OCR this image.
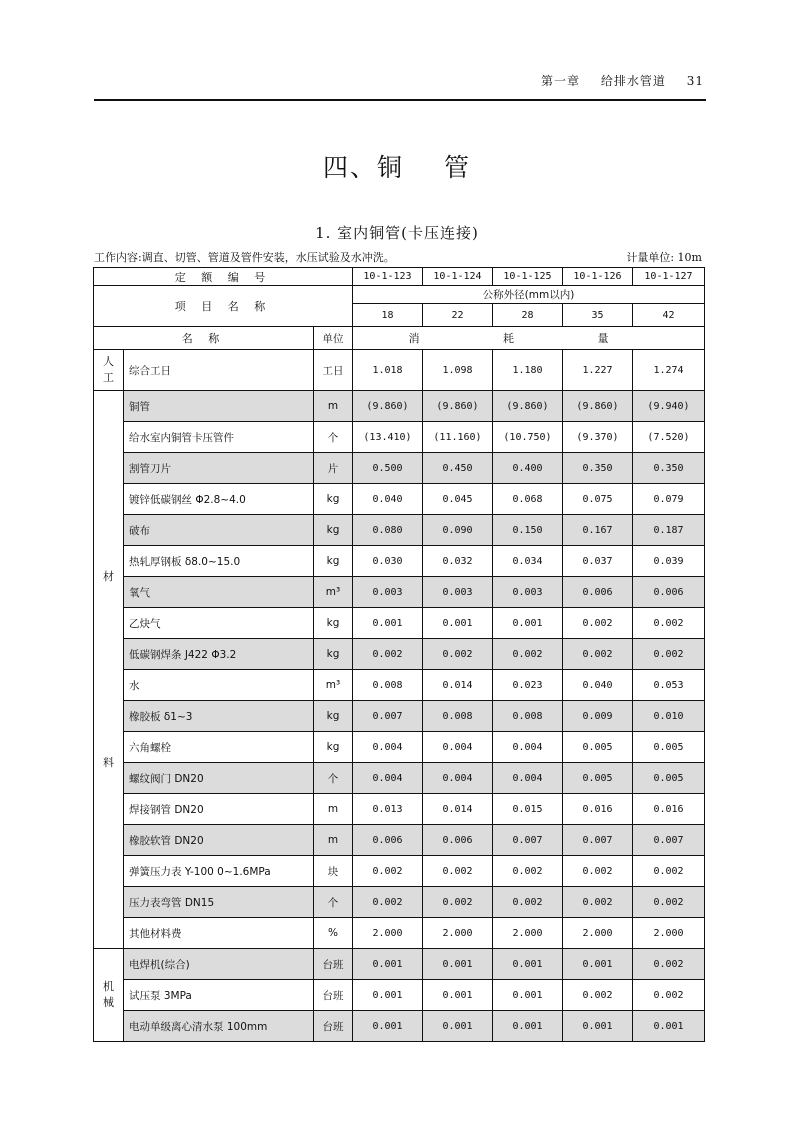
第一章 给排水管道 31
四、铜 管
1. 室内铜管(卡压连接)
工作内容:调直、切管、管道及管件安装，水压试验及水冲洗。	计量单位: 10m
定 额 编 号			10-1-123	10-1-124	10-1-125	10-1-126	10-1-127
项 目 名 称			公称外径(mm以内)				
			18	22	28	35	42
名 称		单位	消 耗 量				

人
工	综合工日	工日	1.018	1.098	1.180	1.227	1.274

材
料	铜管	m	(9.860)	(9.860)	(9.860)	(9.860)	(9.940)
	给水室内铜管卡压管件	个	(13.410)	(11.160)	(10.750)	(9.370)	(7.520)
	割管刀片	片	0.500	0.450	0.400	0.350	0.350
	镀锌低碳钢丝 Φ2.8~4.0	kg	0.040	0.045	0.068	0.075	0.079
	破布	kg	0.080	0.090	0.150	0.167	0.187
	热轧厚钢板 δ8.0~15.0	kg	0.030	0.032	0.034	0.037	0.039
	氧气	m³	0.003	0.003	0.003	0.006	0.006
	乙炔气	kg	0.001	0.001	0.001	0.002	0.002
	低碳钢焊条 J422 Φ3.2	kg	0.002	0.002	0.002	0.002	0.002
	水	m³	0.008	0.014	0.023	0.040	0.053
	橡胶板 δ1~3	kg	0.007	0.008	0.008	0.009	0.010
	六角螺栓	kg	0.004	0.004	0.004	0.005	0.005
	螺纹阀门 DN20	个	0.004	0.004	0.004	0.005	0.005
	焊接钢管 DN20	m	0.013	0.014	0.015	0.016	0.016
	橡胶软管 DN20	m	0.006	0.006	0.007	0.007	0.007
	弹簧压力表 Y-100 0~1.6MPa	块	0.002	0.002	0.002	0.002	0.002
	压力表弯管 DN15	个	0.002	0.002	0.002	0.002	0.002
	其他材料费	%	2.000	2.000	2.000	2.000	2.000

机
械	电焊机(综合)	台班	0.001	0.001	0.001	0.001	0.002
	试压泵 3MPa	台班	0.001	0.001	0.001	0.002	0.002
	电动单级离心清水泵 100mm	台班	0.001	0.001	0.001	0.001	0.001
